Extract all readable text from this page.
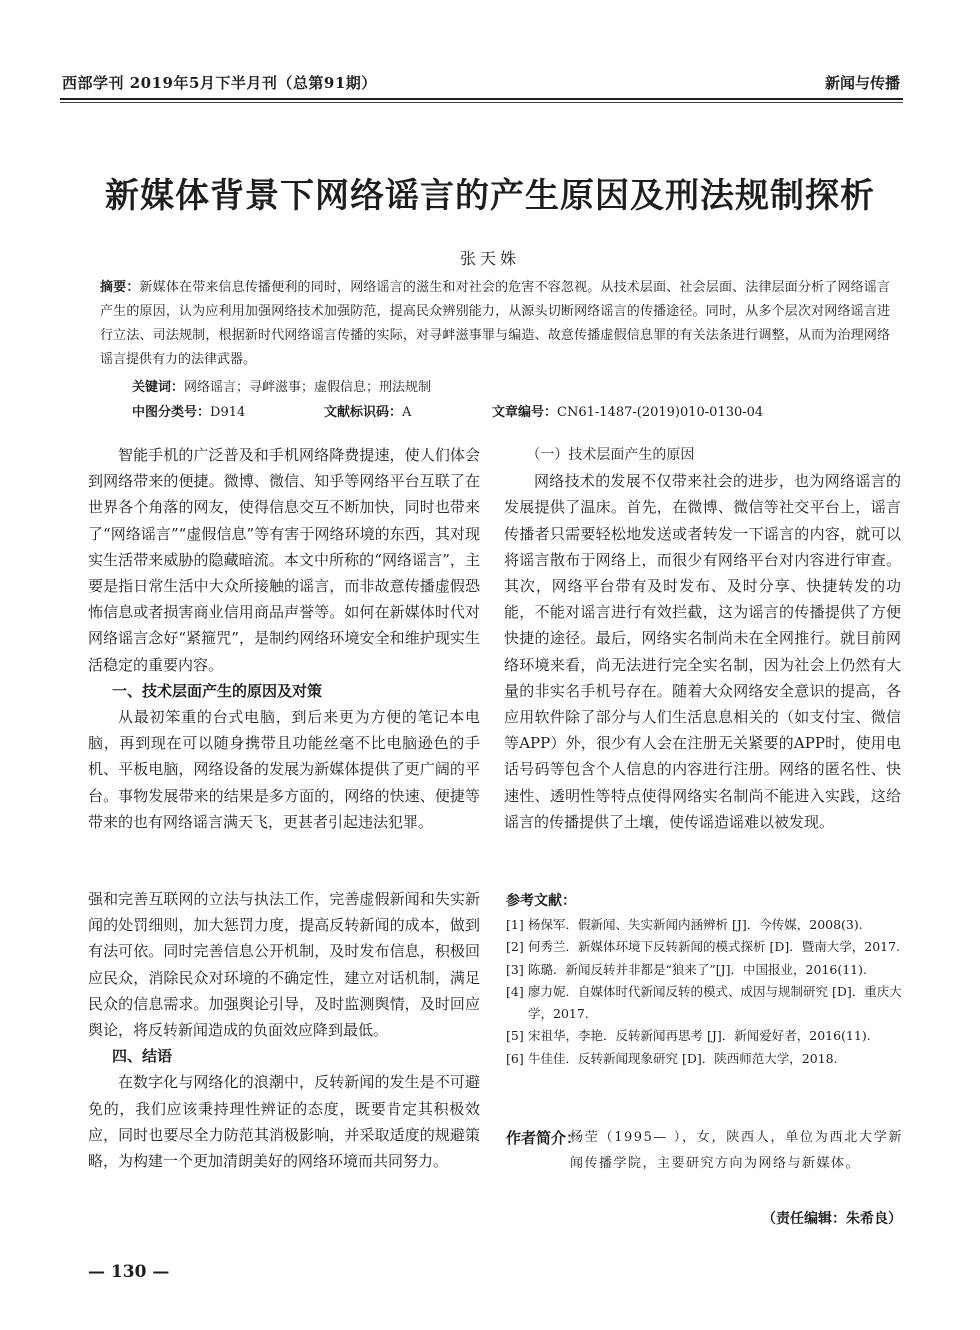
西部学刊 2019年5月下半月刊（总第91期）	新闻与传播
新媒体背景下网络谣言的产生原因及刑法规制探析
张天姝
摘要：新媒体在带来信息传播便利的同时，网络谣言的滋生和对社会的危害不容忽视。从技术层面、社会层面、法律层面分析了网络谣言产生的原因，认为应利用加强网络技术加强防范，提高民众辨别能力，从源头切断网络谣言的传播途径。同时，从多个层次对网络谣言进行立法、司法规制，根据新时代网络谣言传播的实际，对寻衅滋事罪与编造、故意传播虚假信息罪的有关法条进行调整，从而为治理网络谣言提供有力的法律武器。
关键词：网络谣言；寻衅滋事；虚假信息；刑法规制
中图分类号：D914	文献标识码：A	文章编号：CN61-1487-(2019)010-0130-04

智能手机的广泛普及和手机网络降费提速，使人们体会到网络带来的便捷。微博、微信、知乎等网络平台互联了在世界各个角落的网友，使得信息交互不断加快，同时也带来了“网络谣言”“虚假信息”等有害于网络环境的东西，其对现实生活带来威胁的隐藏暗流。本文中所称的“网络谣言”，主要是指日常生活中大众所接触的谣言，而非故意传播虚假恐怖信息或者损害商业信用商品声誉等。如何在新媒体时代对网络谣言念好“紧箍咒”，是制约网络环境安全和维护现实生活稳定的重要内容。

一、技术层面产生的原因及对策

从最初笨重的台式电脑，到后来更为方便的笔记本电脑，再到现在可以随身携带且功能丝毫不比电脑逊色的手机、平板电脑，网络设备的发展为新媒体提供了更广阔的平台。事物发展带来的结果是多方面的，网络的快速、便捷等带来的也有网络谣言满天飞，更甚者引起违法犯罪。

（一）技术层面产生的原因

网络技术的发展不仅带来社会的进步，也为网络谣言的发展提供了温床。首先，在微博、微信等社交平台上，谣言传播者只需要轻松地发送或者转发一下谣言的内容，就可以将谣言散布于网络上，而很少有网络平台对内容进行审查。其次，网络平台带有及时发布、及时分享、快捷转发的功能，不能对谣言进行有效拦截，这为谣言的传播提供了方便快捷的途径。最后，网络实名制尚未在全网推行。就目前网络环境来看，尚无法进行完全实名制，因为社会上仍然有大量的非实名手机号存在。随着大众网络安全意识的提高，各应用软件除了部分与人们生活息息相关的（如支付宝、微信等APP）外，很少有人会在注册无关紧要的APP时，使用电话号码等包含个人信息的内容进行注册。网络的匿名性、快速性、透明性等特点使得网络实名制尚不能进入实践，这给谣言的传播提供了土壤，使传谣造谣难以被发现。

强和完善互联网的立法与执法工作，完善虚假新闻和失实新闻的处罚细则，加大惩罚力度，提高反转新闻的成本，做到有法可依。同时完善信息公开机制，及时发布信息，积极回应民众，消除民众对环境的不确定性，建立对话机制，满足民众的信息需求。加强舆论引导，及时监测舆情，及时回应舆论，将反转新闻造成的负面效应降到最低。

四、结语

在数字化与网络化的浪潮中，反转新闻的发生是不可避免的，我们应该秉持理性辨证的态度，既要肯定其积极效应，同时也要尽全力防范其消极影响，并采取适度的规避策略，为构建一个更加清朗美好的网络环境而共同努力。

参考文献：
[1] 杨保军．假新闻、失实新闻内涵辨析 [J]．今传媒，2008(3).
[2] 何秀兰．新媒体环境下反转新闻的模式探析 [D]．暨南大学，2017.
[3] 陈璐．新闻反转并非都是“狼来了”[J]．中国报业，2016(11).
[4] 廖力妮．自媒体时代新闻反转的模式、成因与规制研究 [D]．重庆大学，2017.
[5] 宋祖华，李艳．反转新闻再思考 [J]．新闻爱好者，2016(11).
[6] 牛佳佳．反转新闻现象研究 [D]．陕西师范大学，2018.
作者简介：
杨茔（1995— ），女，陕西人，单位为西北大学新闻传播学院，主要研究方向为网络与新媒体。
（责任编辑：朱希良）
— 130 —
